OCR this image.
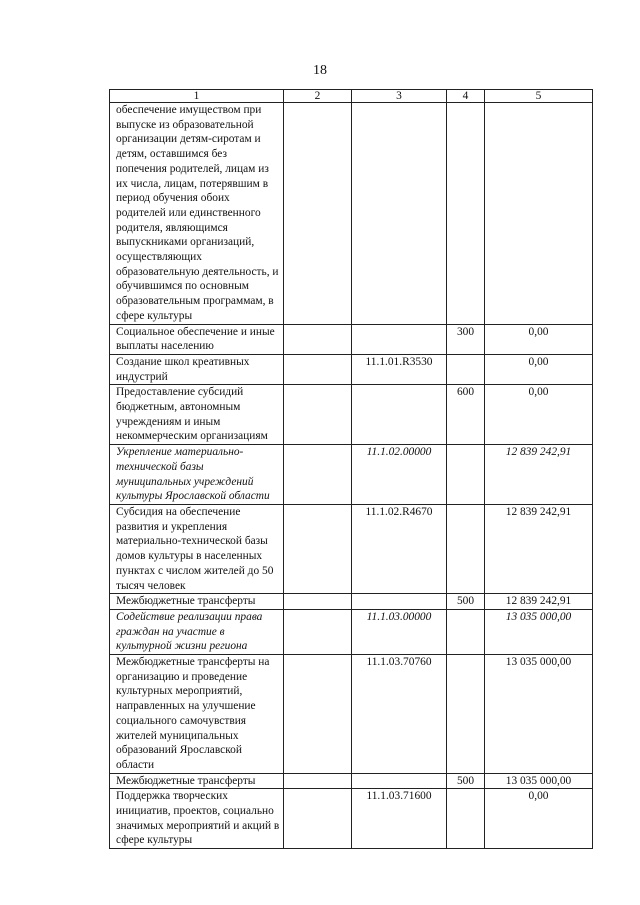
18
1	2	3	4	5
обеспечение имуществом при выпуске из образовательной организации детям-сиротам и детям, оставшимся без попечения родителей, лицам из их числа, лицам, потерявшим в период обучения обоих родителей или единственного родителя, являющимся выпускниками организаций, осуществляющих образовательную деятельность, и обучившимся по основным образовательным программам, в сфере культуры				
Социальное обеспечение и иные выплаты населению			300	0,00
Создание школ креативных индустрий		11.1.01.R3530		0,00
Предоставление субсидий бюджетным, автономным учреждениям и иным некоммерческим организациям			600	0,00
Укрепление материально-технической базы муниципальных учреждений культуры Ярославской области		11.1.02.00000		12 839 242,91
Субсидия на обеспечение развития и укрепления материально-технической базы домов культуры в населенных пунктах с числом жителей до 50 тысяч человек		11.1.02.R4670		12 839 242,91
Межбюджетные трансферты			500	12 839 242,91
Содействие реализации права граждан на участие в культурной жизни региона		11.1.03.00000		13 035 000,00
Межбюджетные трансферты на организацию и проведение культурных мероприятий, направленных на улучшение социального самочувствия жителей муниципальных образований Ярославской области		11.1.03.70760		13 035 000,00
Межбюджетные трансферты			500	13 035 000,00
Поддержка творческих инициатив, проектов, социально значимых мероприятий и акций в сфере культуры		11.1.03.71600		0,00
